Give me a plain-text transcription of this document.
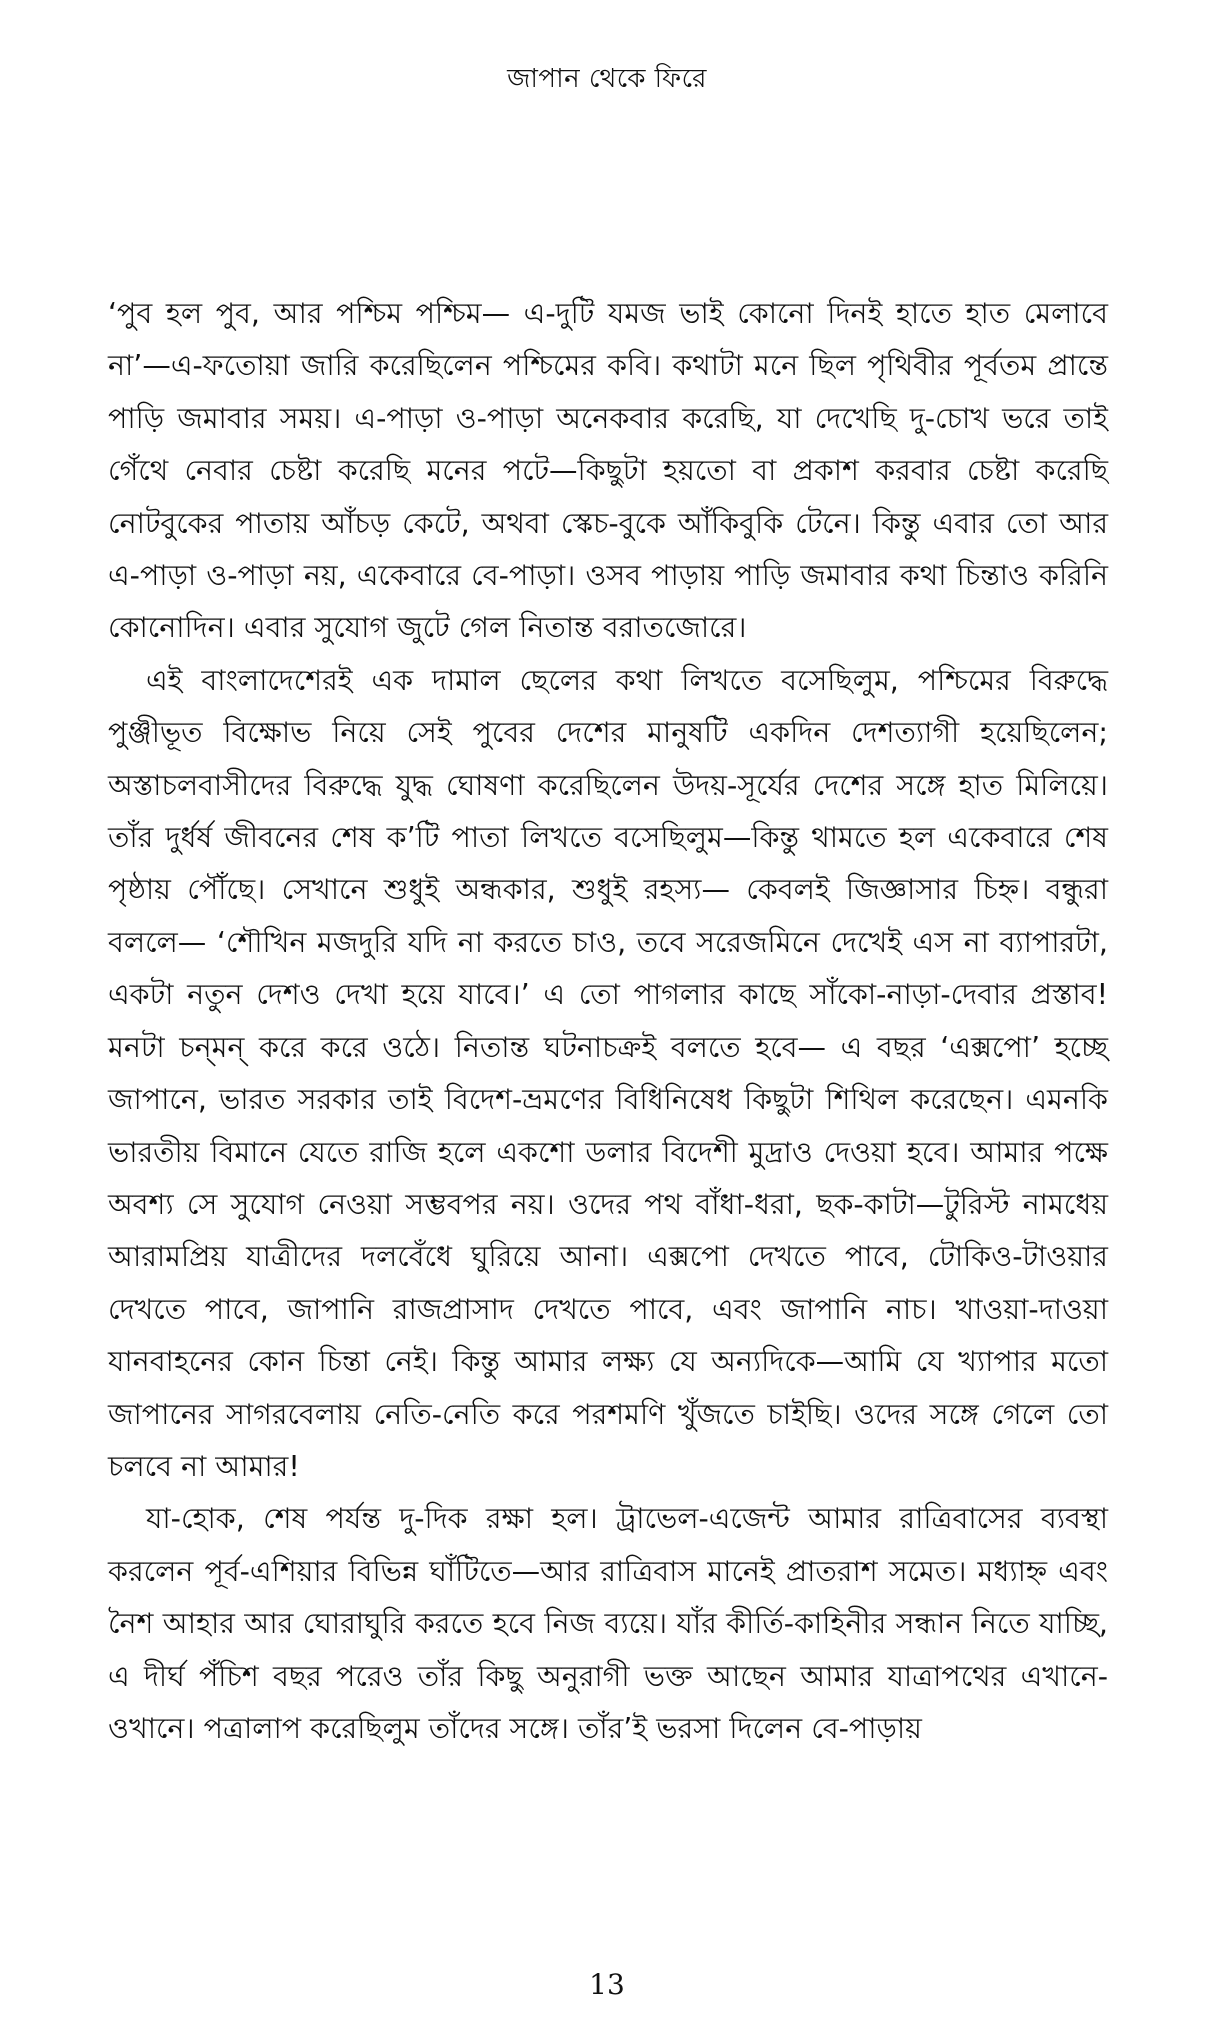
জাপান থেকে ফিরে

‘পুব হল পুব, আর পশ্চিম পশ্চিম— এ-দুটি যমজ ভাই কোনো দিনই হাতে হাত মেলাবে না’—এ-ফতোয়া জারি করেছিলেন পশ্চিমের কবি। কথাটা মনে ছিল পৃথিবীর পূর্বতম প্রান্তে পাড়ি জমাবার সময়। এ-পাড়া ও-পাড়া অনেকবার করেছি, যা দেখেছি দু-চোখ ভরে তাই গেঁথে নেবার চেষ্টা করেছি মনের পটে—কিছুটা হয়তো বা প্রকাশ করবার চেষ্টা করেছি নোটবুকের পাতায় আঁচড় কেটে, অথবা স্কেচ-বুকে আঁকিবুকি টেনে। কিন্তু এবার তো আর এ-পাড়া ও-পাড়া নয়, একেবারে বে-পাড়া। ওসব পাড়ায় পাড়ি জমাবার কথা চিন্তাও করিনি কোনোদিন। এবার সুযোগ জুটে গেল নিতান্ত বরাতজোরে।

এই বাংলাদেশেরই এক দামাল ছেলের কথা লিখতে বসেছিলুম, পশ্চিমের বিরুদ্ধে পুঞ্জীভূত বিক্ষোভ নিয়ে সেই পুবের দেশের মানুষটি একদিন দেশত্যাগী হয়েছিলেন; অস্তাচলবাসীদের বিরুদ্ধে যুদ্ধ ঘোষণা করেছিলেন উদয়-সূর্যের দেশের সঙ্গে হাত মিলিয়ে। তাঁর দুর্ধর্ষ জীবনের শেষ ক’টি পাতা লিখতে বসেছিলুম—কিন্তু থামতে হল একেবারে শেষ পৃষ্ঠায় পৌঁছে। সেখানে শুধুই অন্ধকার, শুধুই রহস্য— কেবলই জিজ্ঞাসার চিহ্ন। বন্ধুরা বললে— ‘শৌখিন মজদুরি যদি না করতে চাও, তবে সরেজমিনে দেখেই এস না ব্যাপারটা, একটা নতুন দেশও দেখা হয়ে যাবে।’ এ তো পাগলার কাছে সাঁকো-নাড়া-দেবার প্রস্তাব! মনটা চন্‌মন্ করে করে ওঠে। নিতান্ত ঘটনাচক্রই বলতে হবে— এ বছর ‘এক্সপো’ হচ্ছে জাপানে, ভারত সরকার তাই বিদেশ-ভ্রমণের বিধিনিষেধ কিছুটা শিথিল করেছেন। এমনকি ভারতীয় বিমানে যেতে রাজি হলে একশো ডলার বিদেশী মুদ্রাও দেওয়া হবে। আমার পক্ষে অবশ্য সে সুযোগ নেওয়া সম্ভবপর নয়। ওদের পথ বাঁধা-ধরা, ছক-কাটা—টুরিস্ট নামধেয় আরামপ্রিয় যাত্রীদের দলবেঁধে ঘুরিয়ে আনা। এক্সপো দেখতে পাবে, টোকিও-টাওয়ার দেখতে পাবে, জাপানি রাজপ্রাসাদ দেখতে পাবে, এবং জাপানি নাচ। খাওয়া-দাওয়া যানবাহনের কোন চিন্তা নেই। কিন্তু আমার লক্ষ্য যে অন্যদিকে—আমি যে খ্যাপার মতো জাপানের সাগরবেলায় নেতি-নেতি করে পরশমণি খুঁজতে চাইছি। ওদের সঙ্গে গেলে তো চলবে না আমার!

যা-হোক, শেষ পর্যন্ত দু-দিক রক্ষা হল। ট্রাভেল-এজেন্ট আমার রাত্রিবাসের ব্যবস্থা করলেন পূর্ব-এশিয়ার বিভিন্ন ঘাঁটিতে—আর রাত্রিবাস মানেই প্রাতরাশ সমেত। মধ্যাহ্ন এবং নৈশ আহার আর ঘোরাঘুরি করতে হবে নিজ ব্যয়ে। যাঁর কীর্তি-কাহিনীর সন্ধান নিতে যাচ্ছি, এ দীর্ঘ পঁচিশ বছর পরেও তাঁর কিছু অনুরাগী ভক্ত আছেন আমার যাত্রাপথের এখানে-ওখানে। পত্রালাপ করেছিলুম তাঁদের সঙ্গে। তাঁর’ই ভরসা দিলেন বে-পাড়ায়

13
